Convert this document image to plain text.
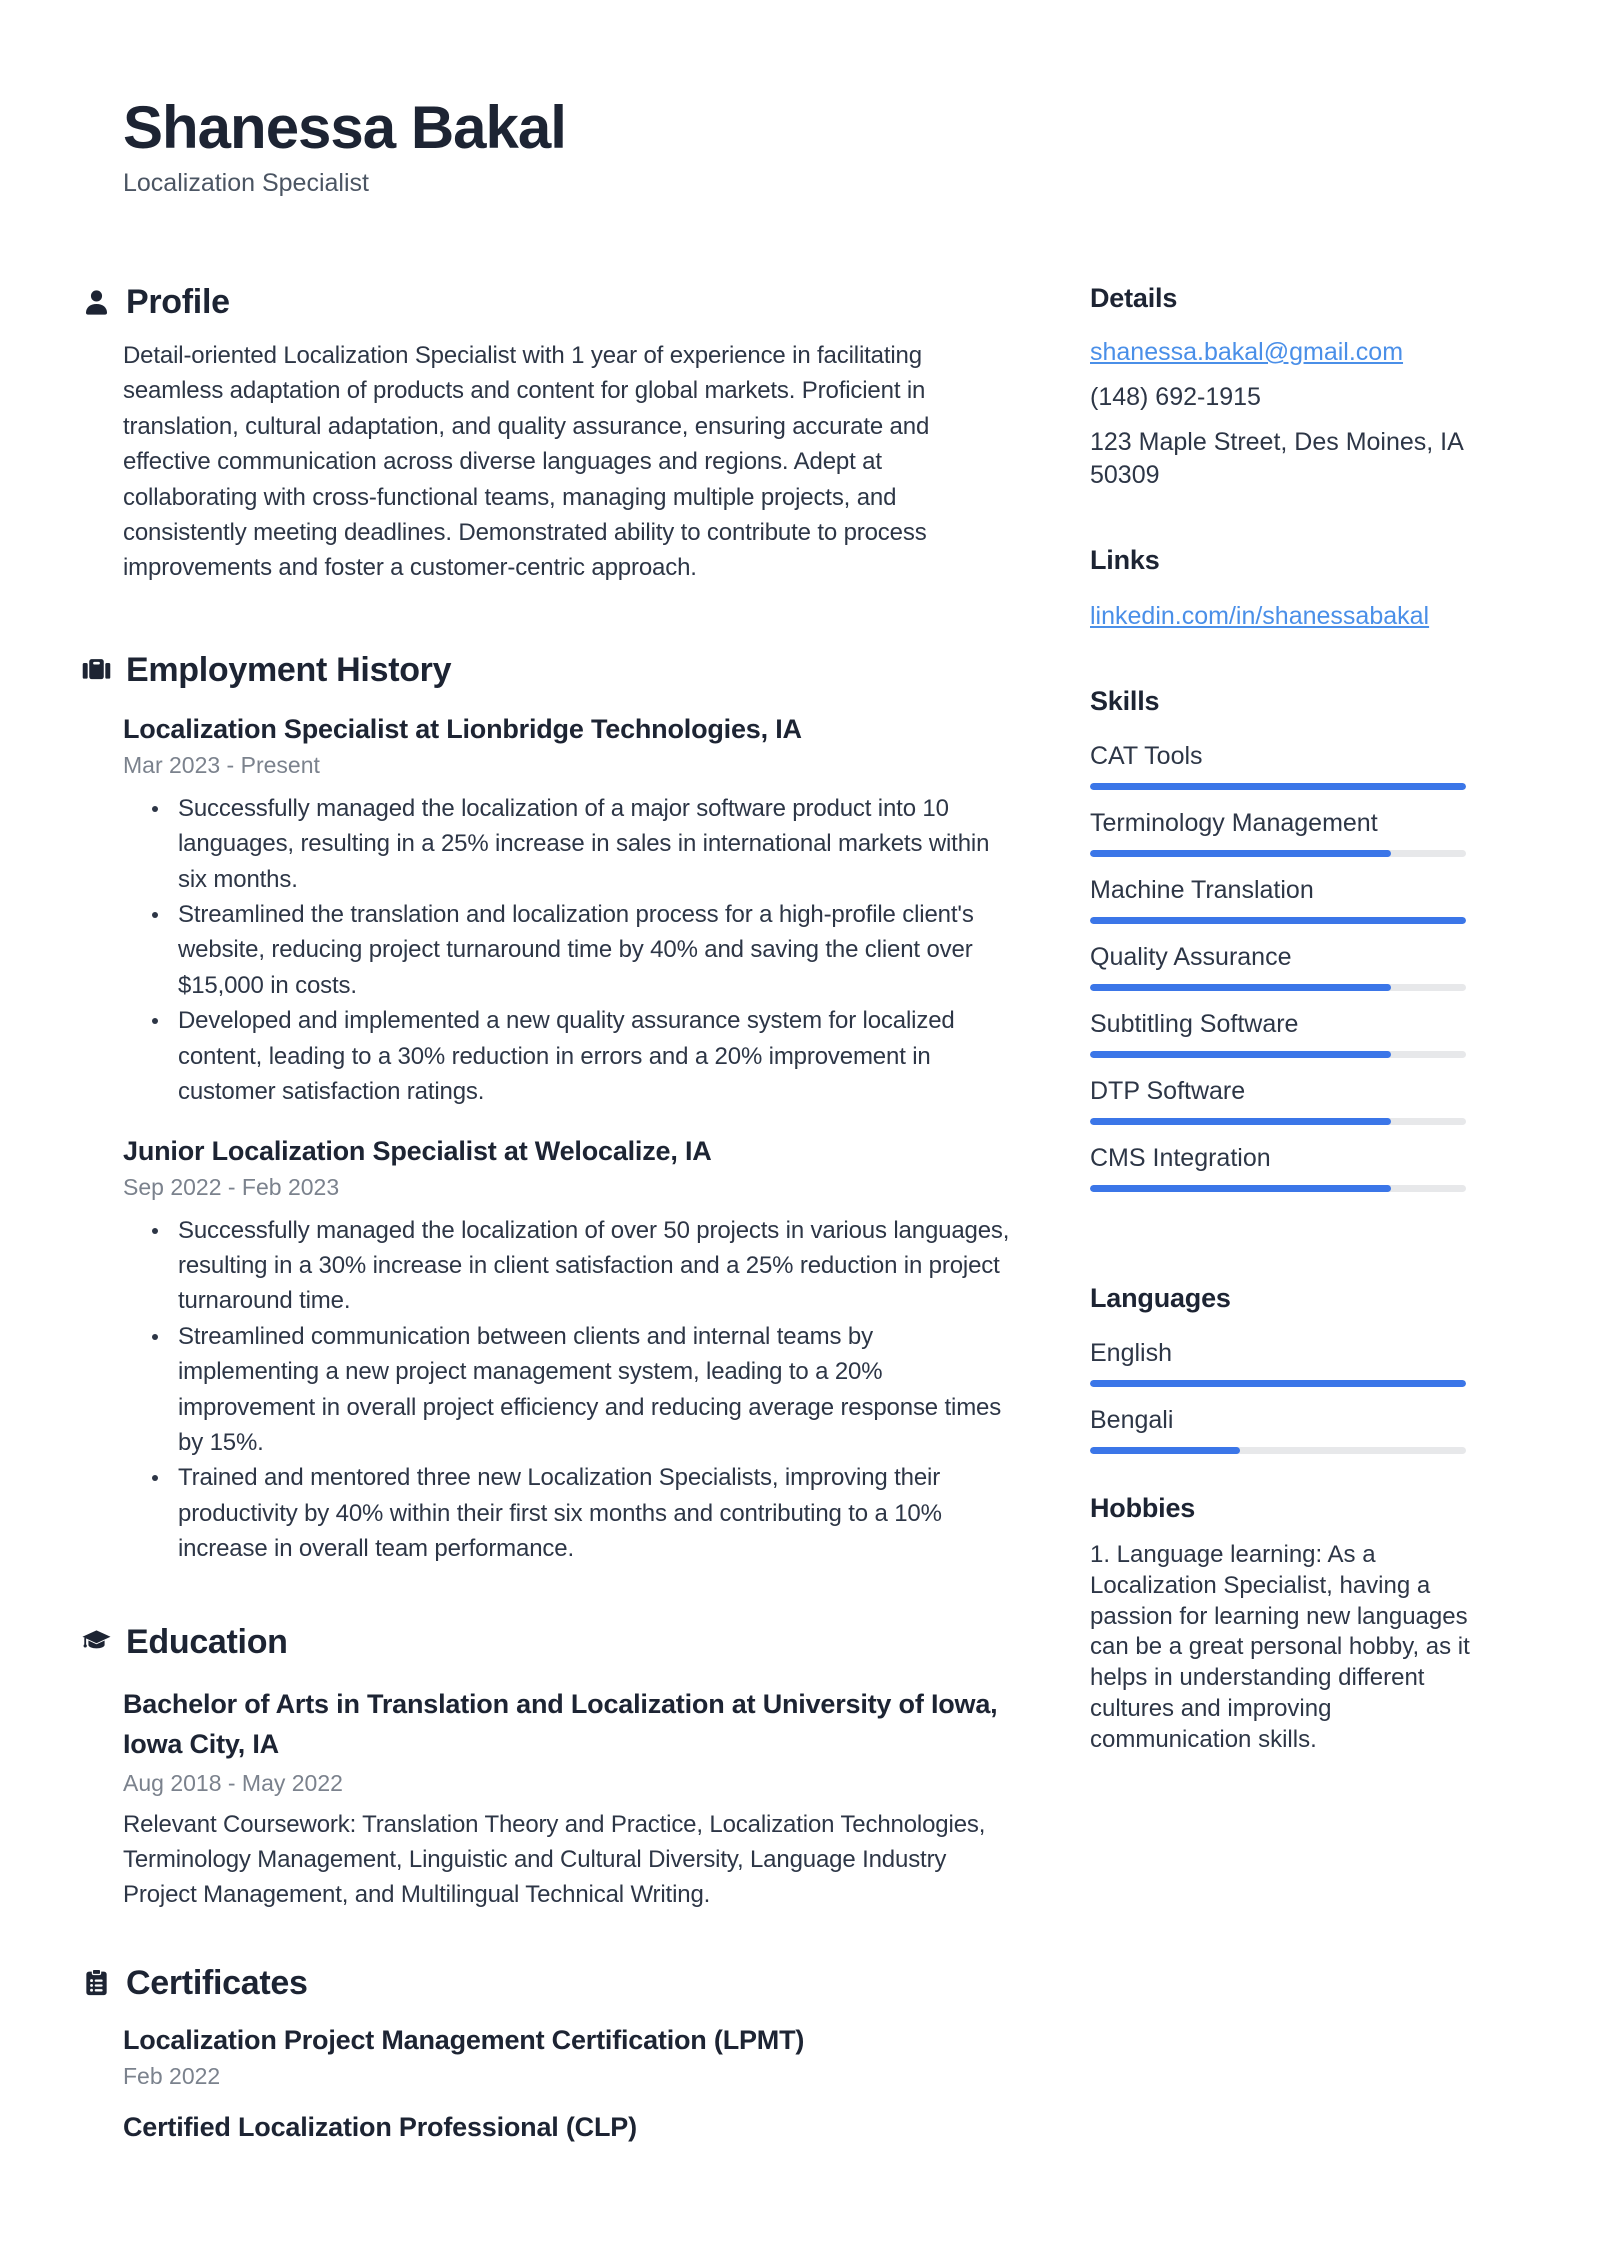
Shanessa Bakal
Localization Specialist
Profile
Detail-oriented Localization Specialist with 1 year of experience in facilitating seamless adaptation of products and content for global markets. Proficient in translation, cultural adaptation, and quality assurance, ensuring accurate and effective communication across diverse languages and regions. Adept at collaborating with cross-functional teams, managing multiple projects, and consistently meeting deadlines. Demonstrated ability to contribute to process improvements and foster a customer-centric approach.
Employment History
Localization Specialist at Lionbridge Technologies, IA
Mar 2023 - Present
Successfully managed the localization of a major software product into 10 languages, resulting in a 25% increase in sales in international markets within six months.
Streamlined the translation and localization process for a high-profile client's website, reducing project turnaround time by 40% and saving the client over $15,000 in costs.
Developed and implemented a new quality assurance system for localized content, leading to a 30% reduction in errors and a 20% improvement in customer satisfaction ratings.
Junior Localization Specialist at Welocalize, IA
Sep 2022 - Feb 2023
Successfully managed the localization of over 50 projects in various languages, resulting in a 30% increase in client satisfaction and a 25% reduction in project turnaround time.
Streamlined communication between clients and internal teams by implementing a new project management system, leading to a 20% improvement in overall project efficiency and reducing average response times by 15%.
Trained and mentored three new Localization Specialists, improving their productivity by 40% within their first six months and contributing to a 10% increase in overall team performance.
Education
Bachelor of Arts in Translation and Localization at University of Iowa, Iowa City, IA
Aug 2018 - May 2022
Relevant Coursework: Translation Theory and Practice, Localization Technologies, Terminology Management, Linguistic and Cultural Diversity, Language Industry Project Management, and Multilingual Technical Writing.
Certificates
Localization Project Management Certification (LPMT)
Feb 2022
Certified Localization Professional (CLP)
Details
shanessa.bakal@gmail.com
(148) 692-1915
123 Maple Street, Des Moines, IA 50309
Links
linkedin.com/in/shanessabakal
Skills
CAT Tools
Terminology Management
Machine Translation
Quality Assurance
Subtitling Software
DTP Software
CMS Integration
Languages
English
Bengali
Hobbies
1. Language learning: As a Localization Specialist, having a passion for learning new languages can be a great personal hobby, as it helps in understanding different cultures and improving communication skills.
